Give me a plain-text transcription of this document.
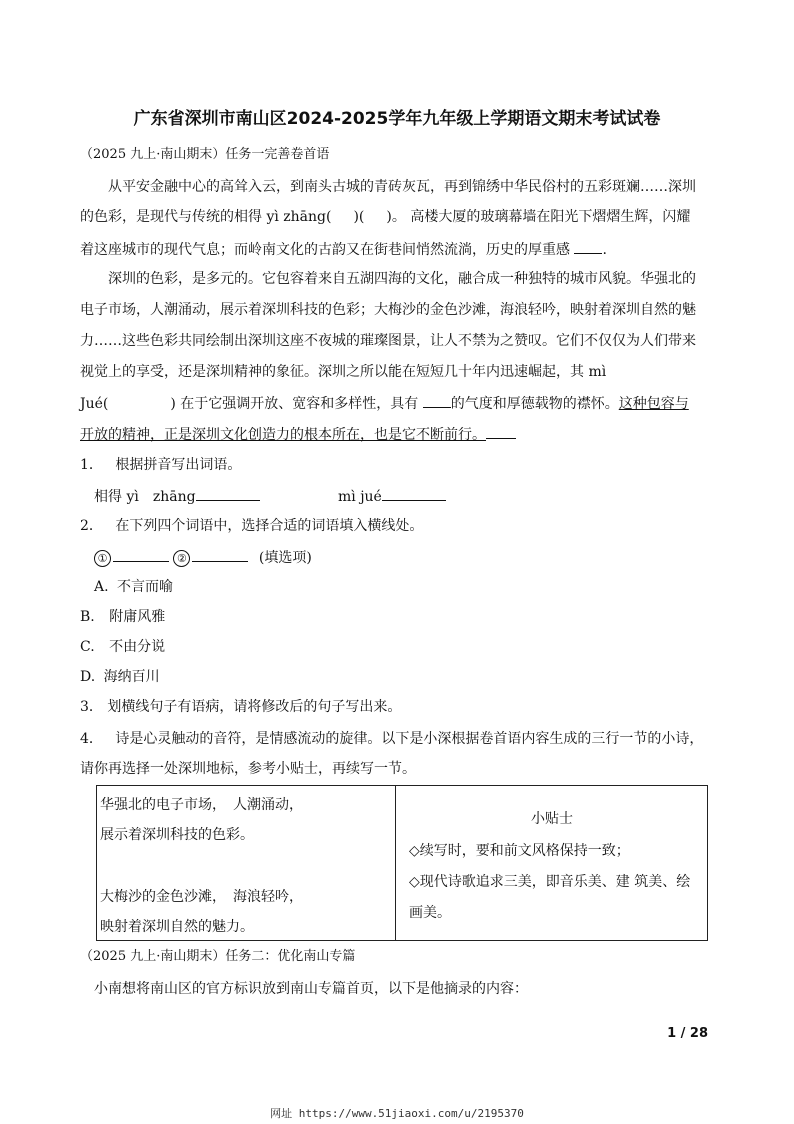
广东省深圳市南山区2024-2025学年九年级上学期语文期末考试试卷
（2025 九上·南山期末）任务一完善卷首语
从平安金融中心的高耸入云，到南头古城的青砖灰瓦，再到锦绣中华民俗村的五彩斑斓……深圳
的色彩，是现代与传统的相得 yì zhāng( )( )。 高楼大厦的玻璃幕墙在阳光下熠熠生辉，闪耀
着这座城市的现代气息；而岭南文化的古韵又在街巷间悄然流淌，历史的厚重感 .
深圳的色彩，是多元的。它包容着来自五湖四海的文化，融合成一种独特的城市风貌。华强北的
电子市场，人潮涌动，展示着深圳科技的色彩；大梅沙的金色沙滩，海浪轻吟，映射着深圳自然的魅
力……这些色彩共同绘制出深圳这座不夜城的璀璨图景，让人不禁为之赞叹。它们不仅仅为人们带来
视觉上的享受，还是深圳精神的象征。深圳之所以能在短短几十年内迅速崛起，其 mì
Jué(	) 在于它强调开放、宽容和多样性，具有 的气度和厚德载物的襟怀。这种包容与
开放的精神，正是深圳文化创造力的根本所在，也是它不断前行。
1． 根据拼音写出词语。
相得 yì　zhāng	mì jué
2． 在下列四个词语中，选择合适的词语填入横线处。
①	②	(填选项)
A. 不言而喻
B. 附庸风雅
C. 不由分说
D. 海纳百川
3． 划横线句子有语病，请将修改后的句子写出来。
4． 诗是心灵触动的音符，是情感流动的旋律。以下是小深根据卷首语内容生成的三行一节的小诗，
请你再选择一处深圳地标，参考小贴士，再续写一节。
华强北的电子市场，　人潮涌动，
展示着深圳科技的色彩。
大梅沙的金色沙滩，　海浪轻吟，
映射着深圳自然的魅力。

小贴士
◇续写时，要和前文风格保持一致；
◇现代诗歌追求三美，即音乐美、建 筑美、绘
画美。
（2025 九上·南山期末）任务二：优化南山专篇
小南想将南山区的官方标识放到南山专篇首页，以下是他摘录的内容：
1 / 28
网址 https://www.51jiaoxi.com/u/2195370
